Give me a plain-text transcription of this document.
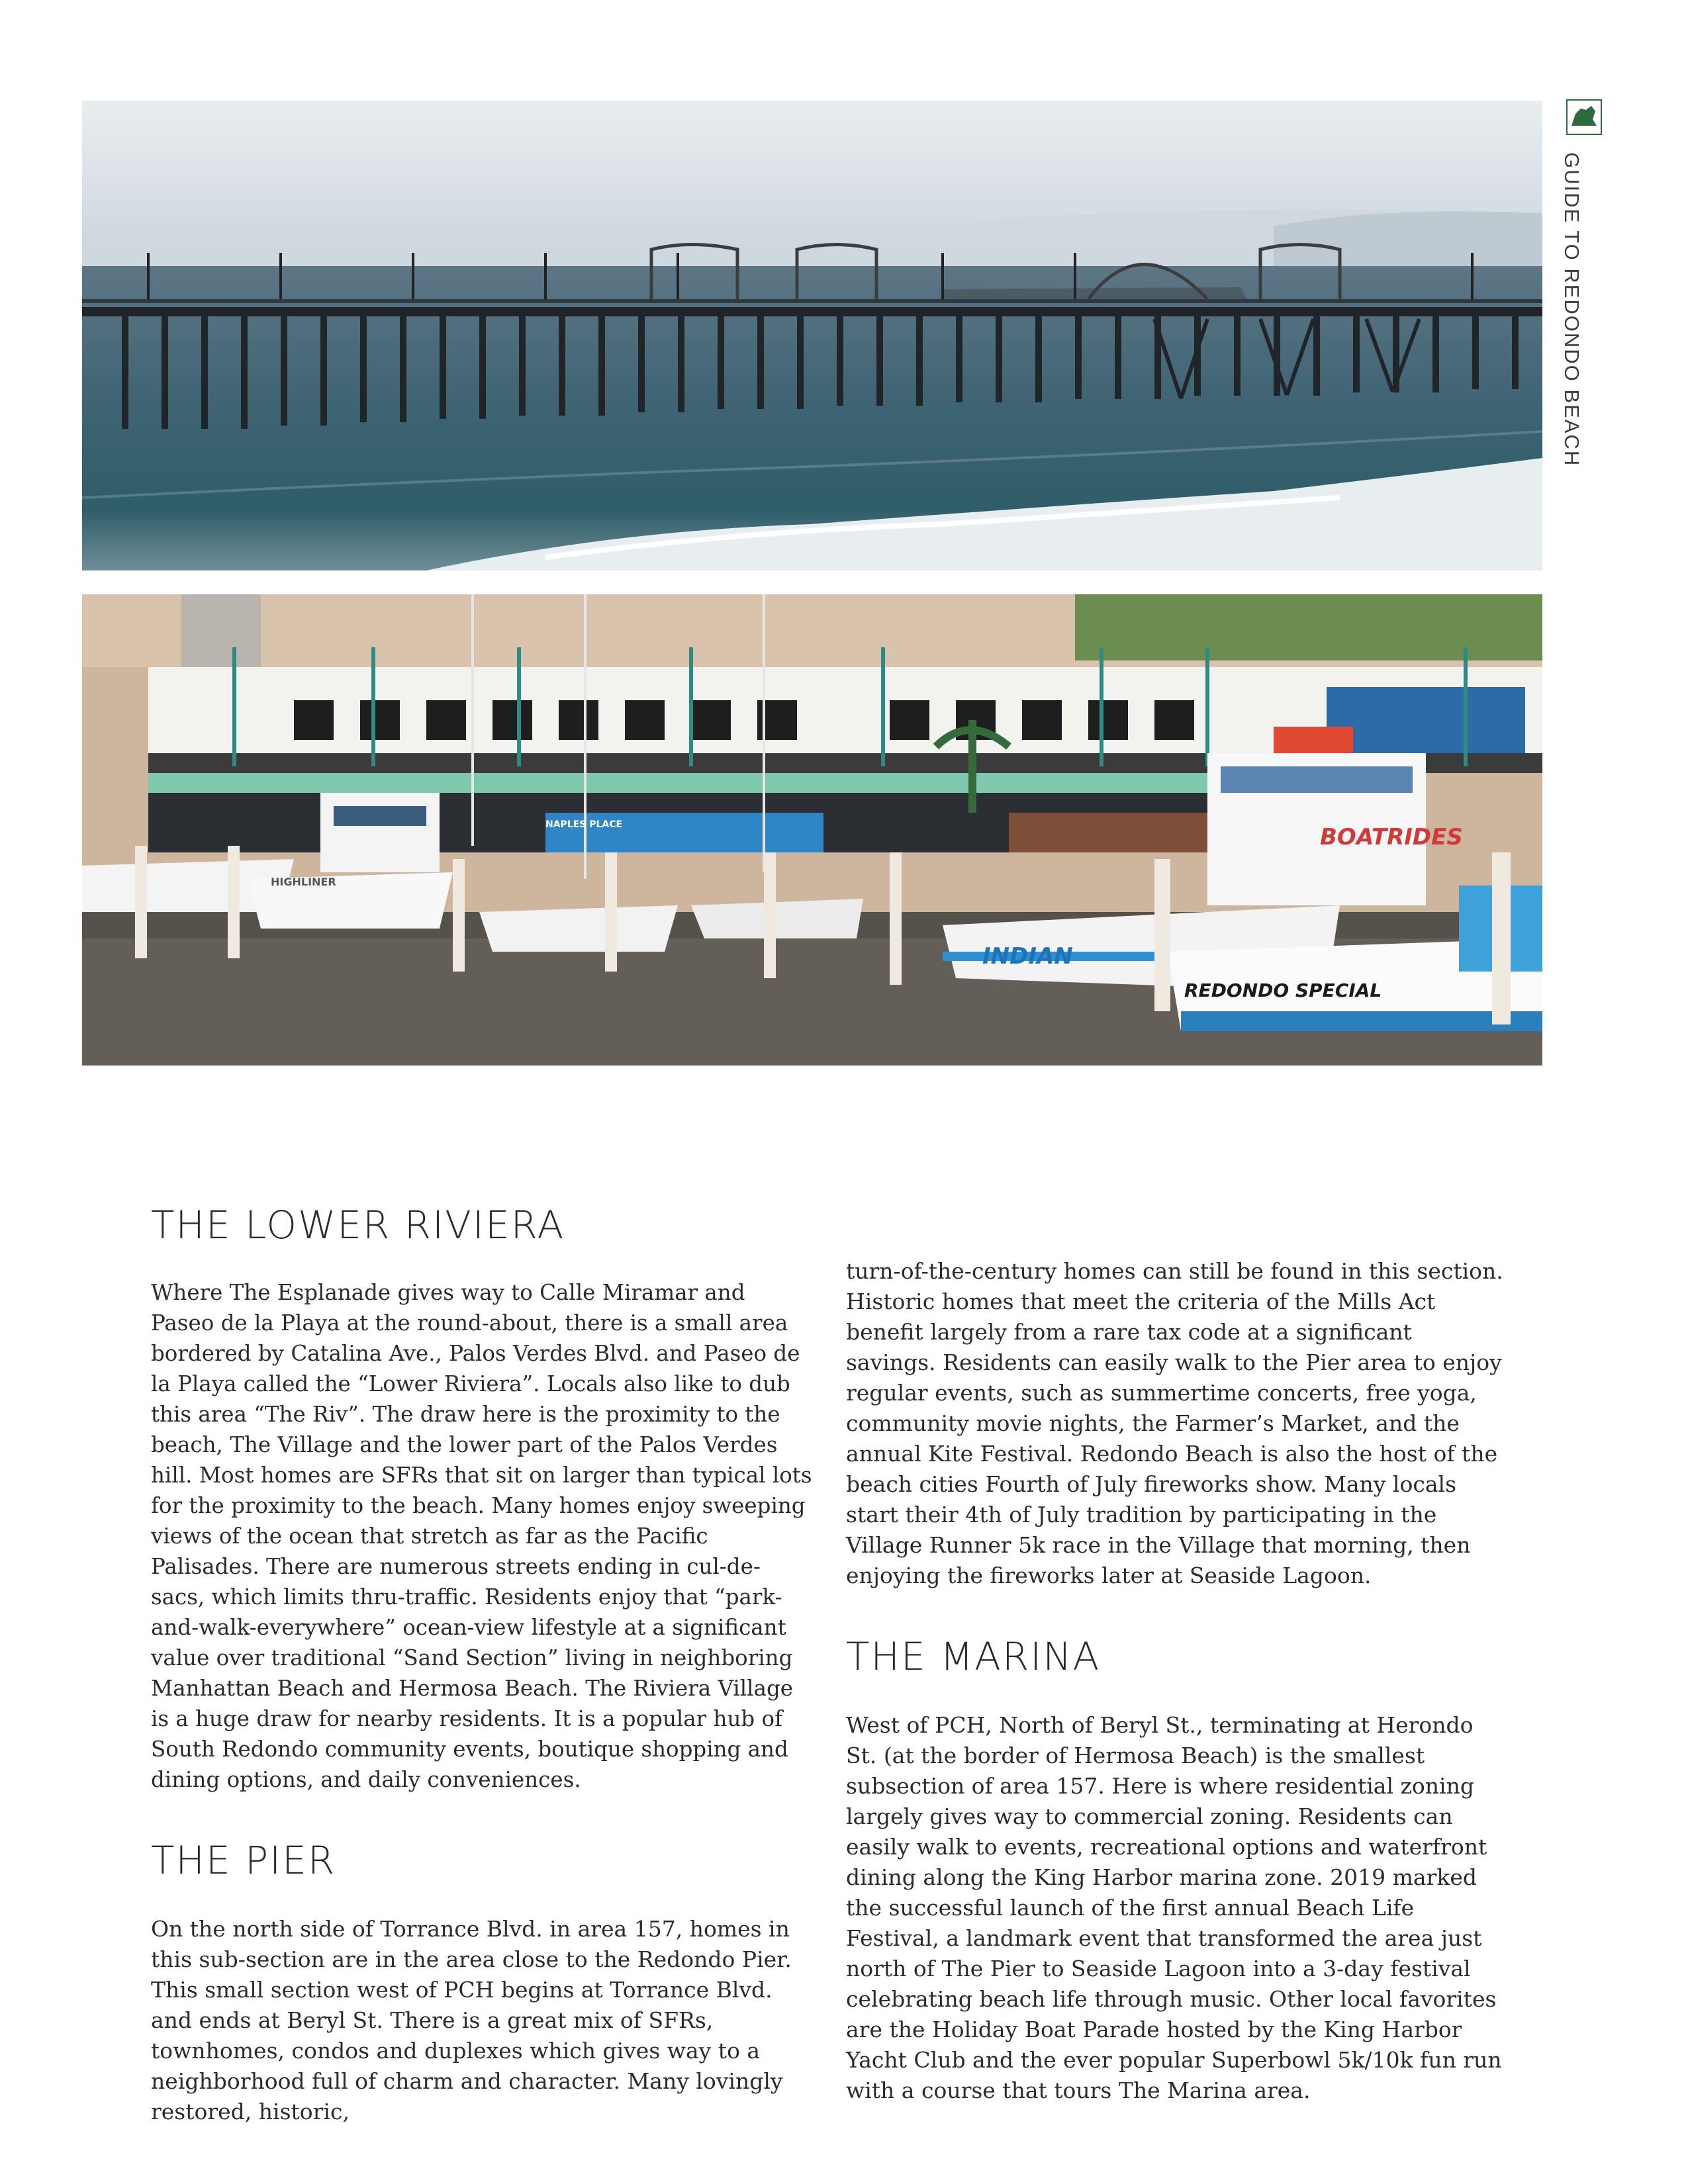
BOATRIDES
INDIAN
REDONDO SPECIAL
HIGHLINER
NAPLES PLACE
GUIDE TO REDONDO BEACH
THE LOWER RIVIERA

Where The Esplanade gives way to Calle Miramar and Paseo de la Playa at the round-about, there is a small area bordered by Catalina Ave., Palos Verdes Blvd. and Paseo de la Playa called the “Lower Riviera”. Locals also like to dub this area “The Riv”. The draw here is the proximity to the beach, The Village and the lower part of the Palos Verdes hill. Most homes are SFRs that sit on larger than typical lots for the proximity to the beach. Many homes enjoy sweeping views of the ocean that stretch as far as the Pacific Palisades. There are numerous streets ending in cul-de-sacs, which limits thru-traffic. Residents enjoy that “park-and-walk-everywhere” ocean-view lifestyle at a significant value over traditional “Sand Section” living in neighboring Manhattan Beach and Hermosa Beach. The Riviera Village is a huge draw for nearby residents. It is a popular hub of South Redondo community events, boutique shopping and dining options, and daily conveniences.

THE PIER

On the north side of Torrance Blvd. in area 157, homes in this sub-section are in the area close to the Redondo Pier. This small section west of PCH begins at Torrance Blvd. and ends at Beryl St. There is a great mix of SFRs, townhomes, condos and duplexes which gives way to a neighborhood full of charm and character. Many lovingly restored, historic,

turn-of-the-century homes can still be found in this section. Historic homes that meet the criteria of the Mills Act benefit largely from a rare tax code at a significant savings. Residents can easily walk to the Pier area to enjoy regular events, such as summertime concerts, free yoga, community movie nights, the Farmer’s Market, and the annual Kite Festival. Redondo Beach is also the host of the beach cities Fourth of July fireworks show. Many locals start their 4th of July tradition by participating in the Village Runner 5k race in the Village that morning, then enjoying the fireworks later at Seaside Lagoon.

THE MARINA

West of PCH, North of Beryl St., terminating at Herondo St. (at the border of Hermosa Beach) is the smallest subsection of area 157. Here is where residential zoning largely gives way to commercial zoning. Residents can easily walk to events, recreational options and waterfront dining along the King Harbor marina zone. 2019 marked the successful launch of the first annual Beach Life Festival, a landmark event that transformed the area just north of The Pier to Seaside Lagoon into a 3-day festival celebrating beach life through music. Other local favorites are the Holiday Boat Parade hosted by the King Harbor Yacht Club and the ever popular Superbowl 5k/10k fun run with a course that tours The Marina area.
